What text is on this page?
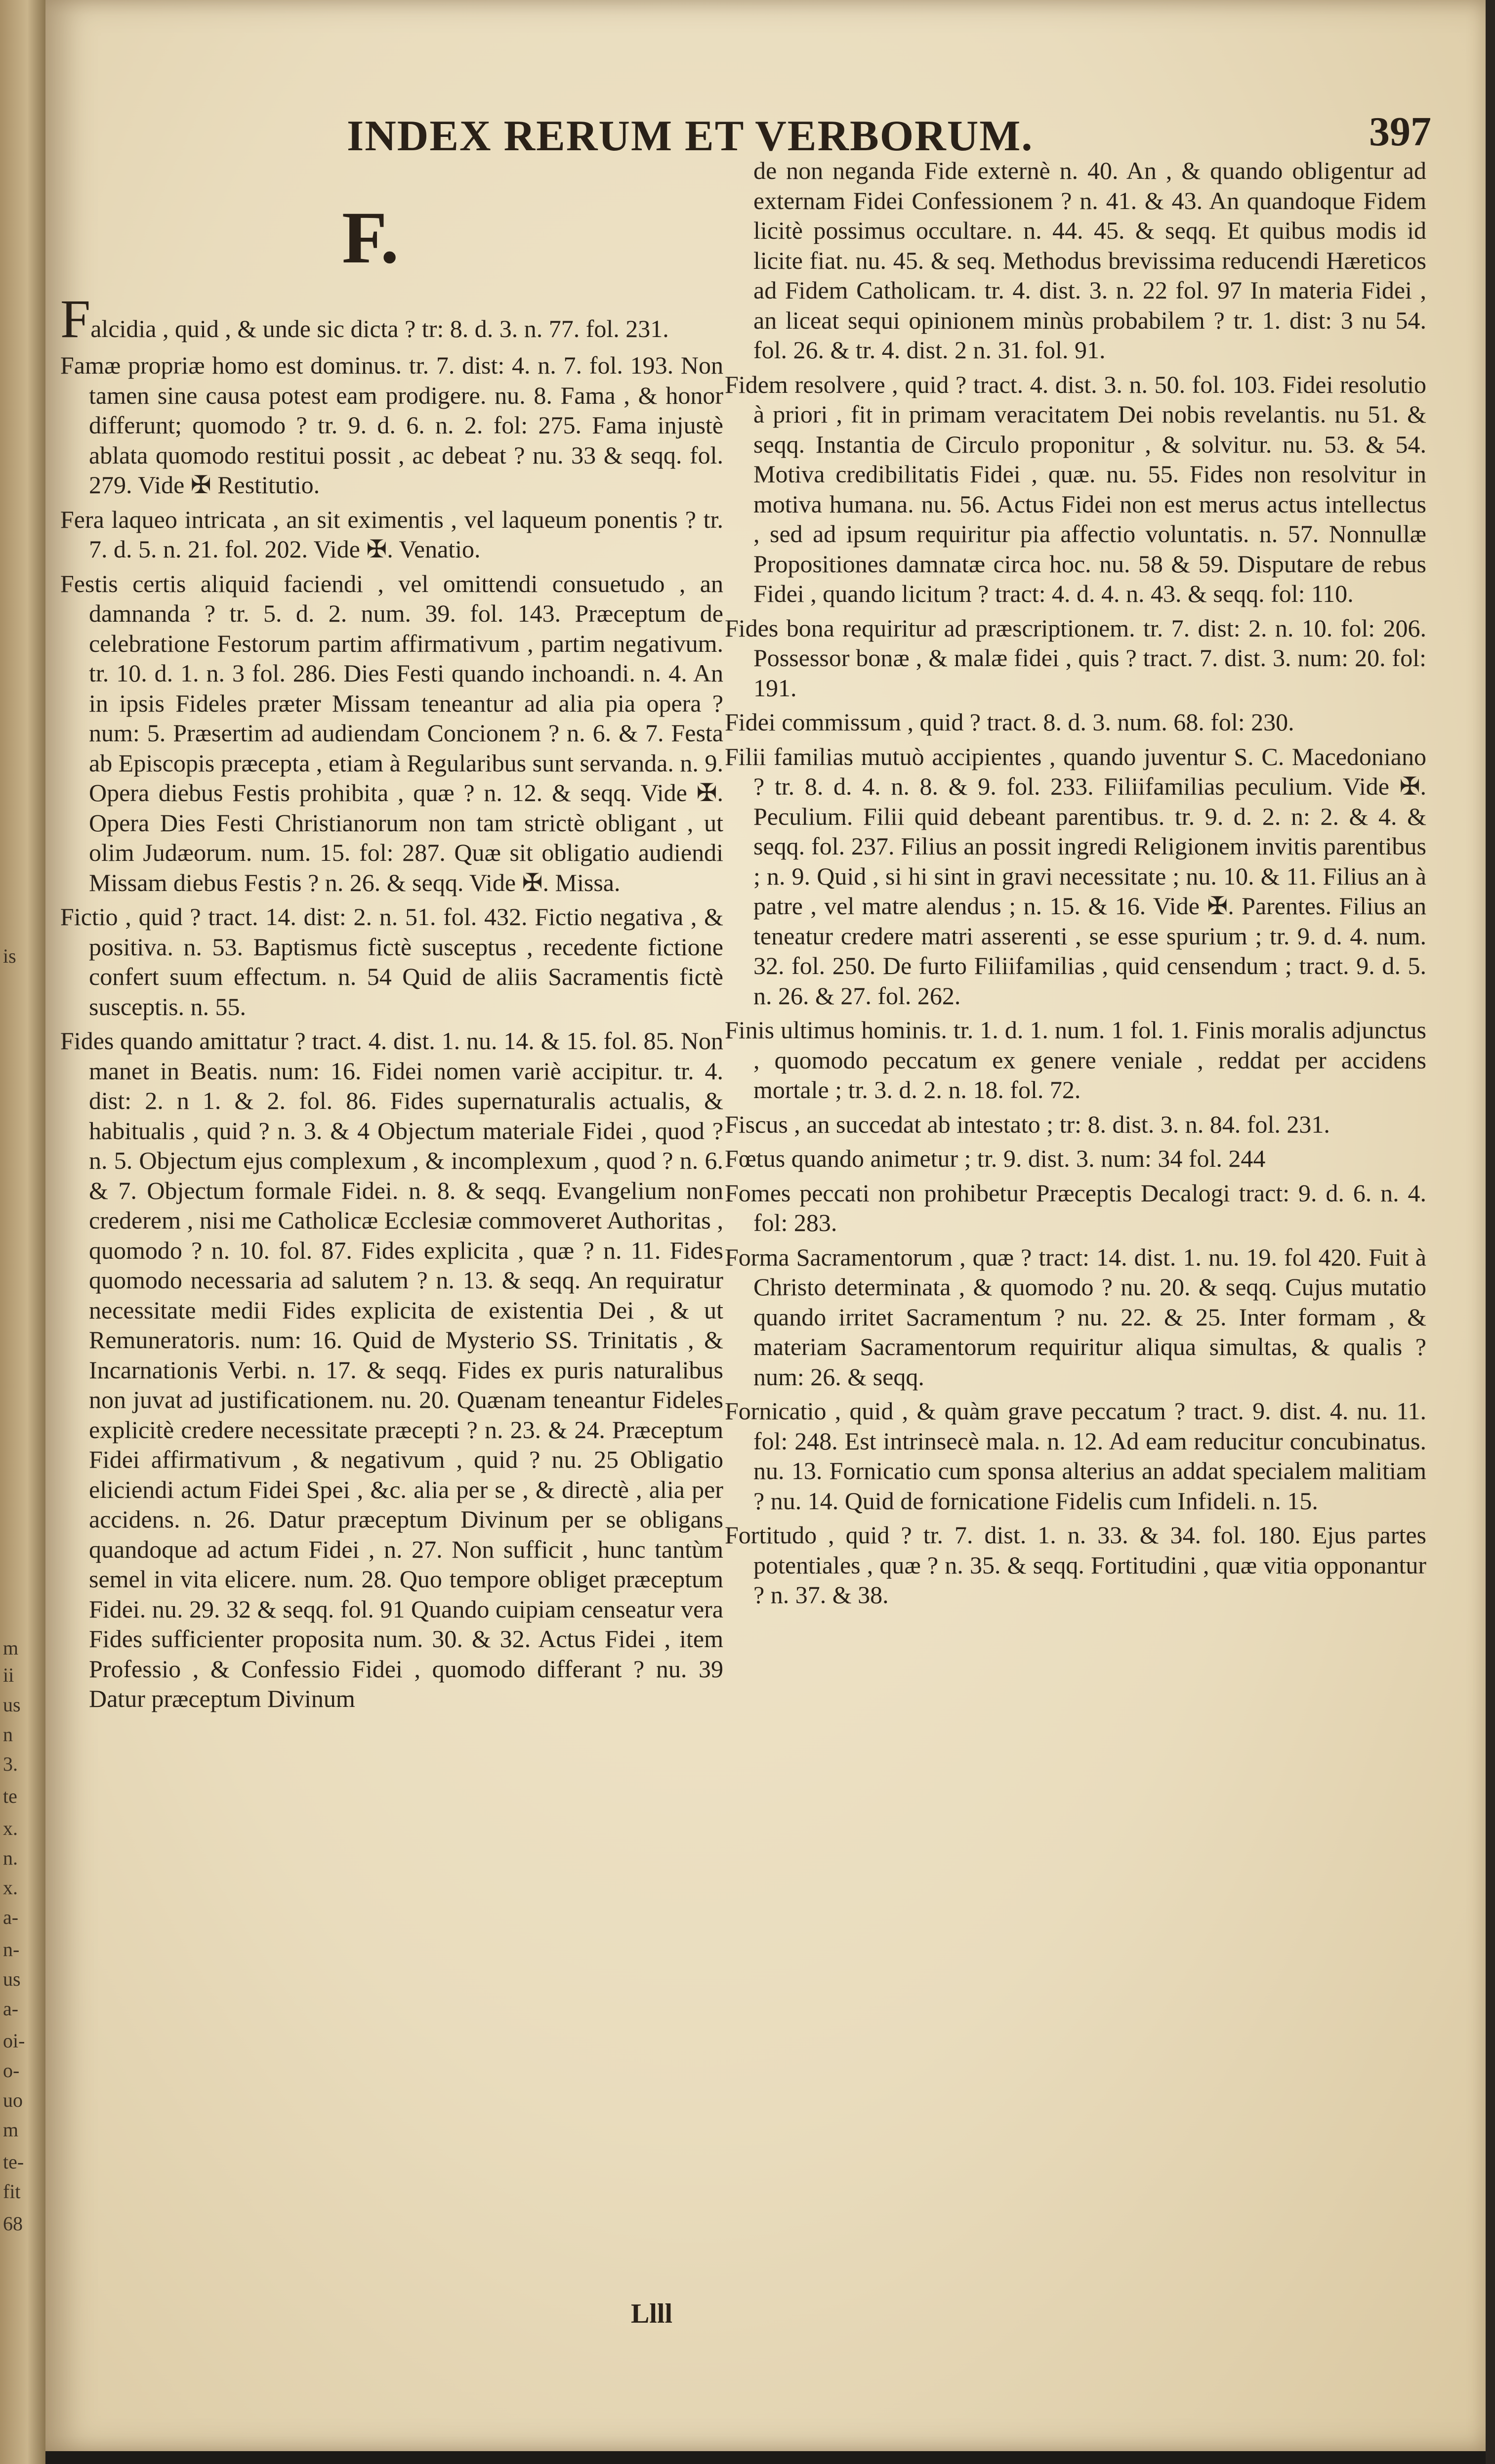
is
m
ii
us
n
3.
te
x.
n.
x.
a-
n-
us
a-
oi-
o-
uo
m
te-
fit
68
INDEX RERUM ET VERBORUM.	397
F.

Falcidia , quid , & unde sic dicta ? tr: 8. d. 3. n. 77. fol. 231.

Famæ propriæ homo est dominus. tr. 7. dist: 4. n. 7. fol. 193. Non tamen sine causa potest eam prodigere. nu. 8. Fama , & honor differunt; quomodo ? tr. 9. d. 6. n. 2. fol: 275. Fama injustè ablata quomodo restitui possit , ac debeat ? nu. 33 & seqq. fol. 279. Vide ✠ Restitutio.

Fera laqueo intricata , an sit eximentis , vel laqueum ponentis ? tr. 7. d. 5. n. 21. fol. 202. Vide ✠. Venatio.

Festis certis aliquid faciendi , vel omittendi consuetudo , an damnanda ? tr. 5. d. 2. num. 39. fol. 143. Præceptum de celebratione Festorum partim affirmativum , partim negativum. tr. 10. d. 1. n. 3 fol. 286. Dies Festi quando inchoandi. n. 4. An in ipsis Fideles præter Missam teneantur ad alia pia opera ? num: 5. Præsertim ad audiendam Concionem ? n. 6. & 7. Festa ab Episcopis præcepta , etiam à Regularibus sunt servanda. n. 9. Opera diebus Festis prohibita , quæ ? n. 12. & seqq. Vide ✠. Opera Dies Festi Christianorum non tam strictè obligant , ut olim Judæorum. num. 15. fol: 287. Quæ sit obligatio audiendi Missam diebus Festis ? n. 26. & seqq. Vide ✠. Missa.

Fictio , quid ? tract. 14. dist: 2. n. 51. fol. 432. Fictio negativa , & positiva. n. 53. Baptismus fictè susceptus , recedente fictione confert suum effectum. n. 54 Quid de aliis Sacramentis fictè susceptis. n. 55.

Fides quando amittatur ? tract. 4. dist. 1. nu. 14. & 15. fol. 85. Non manet in Beatis. num: 16. Fidei nomen variè accipitur. tr. 4. dist: 2. n 1. & 2. fol. 86. Fides supernaturalis actualis, & habitualis , quid ? n. 3. & 4 Objectum materiale Fidei , quod ? n. 5. Objectum ejus complexum , & incomplexum , quod ? n. 6. & 7. Objectum formale Fidei. n. 8. & seqq. Evangelium non crederem , nisi me Catholicæ Ecclesiæ commoveret Authoritas , quomodo ? n. 10. fol. 87. Fides explicita , quæ ? n. 11. Fides quomodo necessaria ad salutem ? n. 13. & seqq. An requiratur necessitate medii Fides explicita de existentia Dei , & ut Remuneratoris. num: 16. Quid de Mysterio SS. Trinitatis , & Incarnationis Verbi. n. 17. & seqq. Fides ex puris naturalibus non juvat ad justificationem. nu. 20. Quænam teneantur Fideles explicitè credere necessitate præcepti ? n. 23. & 24. Præceptum Fidei affirmativum , & negativum , quid ? nu. 25 Obligatio eliciendi actum Fidei Spei , &c. alia per se , & directè , alia per accidens. n. 26. Datur præceptum Divinum per se obligans quandoque ad actum Fidei , n. 27. Non sufficit , hunc tantùm semel in vita elicere. num. 28. Quo tempore obliget præceptum Fidei. nu. 29. 32 & seqq. fol. 91 Quando cuipiam censeatur vera Fides sufficienter proposita num. 30. & 32. Actus Fidei , item Professio , & Confessio Fidei , quomodo differant ? nu. 39 Datur præceptum Divinum

de non neganda Fide externè n. 40. An , & quando obligentur ad externam Fidei Confessionem ? n. 41. & 43. An quandoque Fidem licitè possimus occultare. n. 44. 45. & seqq. Et quibus modis id licite fiat. nu. 45. & seq. Methodus brevissima reducendi Hæreticos ad Fidem Catholicam. tr. 4. dist. 3. n. 22 fol. 97 In materia Fidei , an liceat sequi opinionem minùs probabilem ? tr. 1. dist: 3 nu 54. fol. 26. & tr. 4. dist. 2 n. 31. fol. 91.

Fidem resolvere , quid ? tract. 4. dist. 3. n. 50. fol. 103. Fidei resolutio à priori , fit in primam veracitatem Dei nobis revelantis. nu 51. & seqq. Instantia de Circulo proponitur , & solvitur. nu. 53. & 54. Motiva credibilitatis Fidei , quæ. nu. 55. Fides non resolvitur in motiva humana. nu. 56. Actus Fidei non est merus actus intellectus , sed ad ipsum requiritur pia affectio voluntatis. n. 57. Nonnullæ Propositiones damnatæ circa hoc. nu. 58 & 59. Disputare de rebus Fidei , quando licitum ? tract: 4. d. 4. n. 43. & seqq. fol: 110.

Fides bona requiritur ad præscriptionem. tr. 7. dist: 2. n. 10. fol: 206. Possessor bonæ , & malæ fidei , quis ? tract. 7. dist. 3. num: 20. fol: 191.

Fidei commissum , quid ? tract. 8. d. 3. num. 68. fol: 230.

Filii familias mutuò accipientes , quando juventur S. C. Macedoniano ? tr. 8. d. 4. n. 8. & 9. fol. 233. Filiifamilias peculium. Vide ✠. Peculium. Filii quid debeant parentibus. tr. 9. d. 2. n: 2. & 4. & seqq. fol. 237. Filius an possit ingredi Religionem invitis parentibus ; n. 9. Quid , si hi sint in gravi necessitate ; nu. 10. & 11. Filius an à patre , vel matre alendus ; n. 15. & 16. Vide ✠. Parentes. Filius an teneatur credere matri asserenti , se esse spurium ; tr. 9. d. 4. num. 32. fol. 250. De furto Filiifamilias , quid censendum ; tract. 9. d. 5. n. 26. & 27. fol. 262.

Finis ultimus hominis. tr. 1. d. 1. num. 1 fol. 1. Finis moralis adjunctus , quomodo peccatum ex genere veniale , reddat per accidens mortale ; tr. 3. d. 2. n. 18. fol. 72.

Fiscus , an succedat ab intestato ; tr: 8. dist. 3. n. 84. fol. 231.

Fœtus quando animetur ; tr. 9. dist. 3. num: 34 fol. 244

Fomes peccati non prohibetur Præceptis Decalogi tract: 9. d. 6. n. 4. fol: 283.

Forma Sacramentorum , quæ ? tract: 14. dist. 1. nu. 19. fol 420. Fuit à Christo determinata , & quomodo ? nu. 20. & seqq. Cujus mutatio quando irritet Sacramentum ? nu. 22. & 25. Inter formam , & materiam Sacramentorum requiritur aliqua simultas, & qualis ? num: 26. & seqq.

Fornicatio , quid , & quàm grave peccatum ? tract. 9. dist. 4. nu. 11. fol: 248. Est intrinsecè mala. n. 12. Ad eam reducitur concubinatus. nu. 13. Fornicatio cum sponsa alterius an addat specialem malitiam ? nu. 14. Quid de fornicatione Fidelis cum Infideli. n. 15.

Fortitudo , quid ? tr. 7. dist. 1. n. 33. & 34. fol. 180. Ejus partes potentiales , quæ ? n. 35. & seqq. Fortitudini , quæ vitia opponantur ? n. 37. & 38.

Llll
